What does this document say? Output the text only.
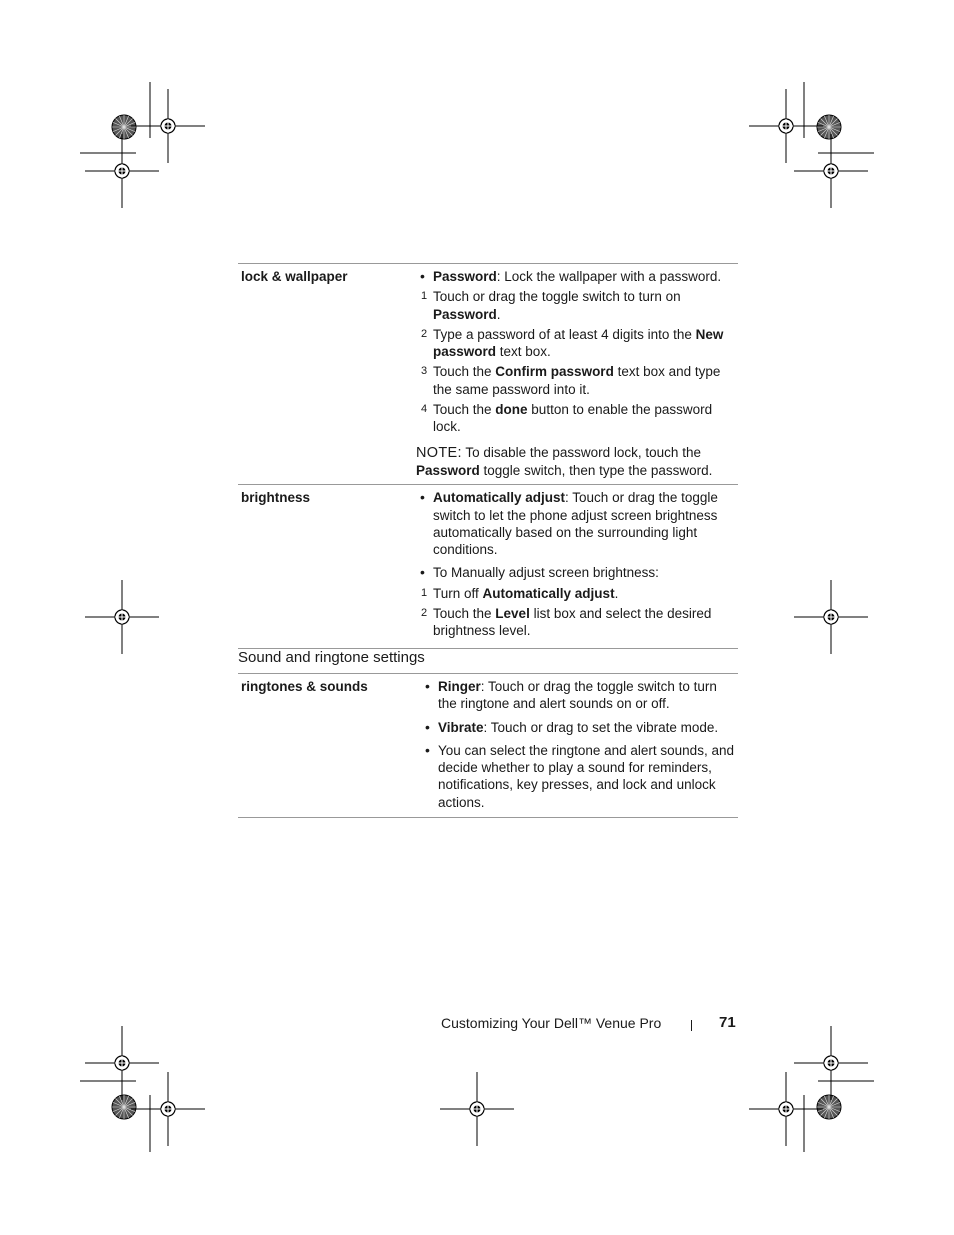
lock & wallpaper	• Password: Lock the wallpaper with a password.
1 Touch or drag the toggle switch to turn on Password.
2 Type a password of at least 4 digits into the New password text box.
3 Touch the Confirm password text box and type the same password into it.
4 Touch the done button to enable the password lock.
NOTE: To disable the password lock, touch the Password toggle switch, then type the password.
brightness	• Automatically adjust: Touch or drag the toggle switch to let the phone adjust screen brightness automatically based on the surrounding light conditions.
• To Manually adjust screen brightness:
1 Turn off Automatically adjust.
2 Touch the Level list box and select the desired brightness level.
Sound and ringtone settings
ringtones & sounds	• Ringer: Touch or drag the toggle switch to turn the ringtone and alert sounds on or off.
• Vibrate: Touch or drag to set the vibrate mode.
• You can select the ringtone and alert sounds, and decide whether to play a sound for reminders, notifications, key presses, and lock and unlock actions.
Customizing Your Dell™ Venue Pro	71
